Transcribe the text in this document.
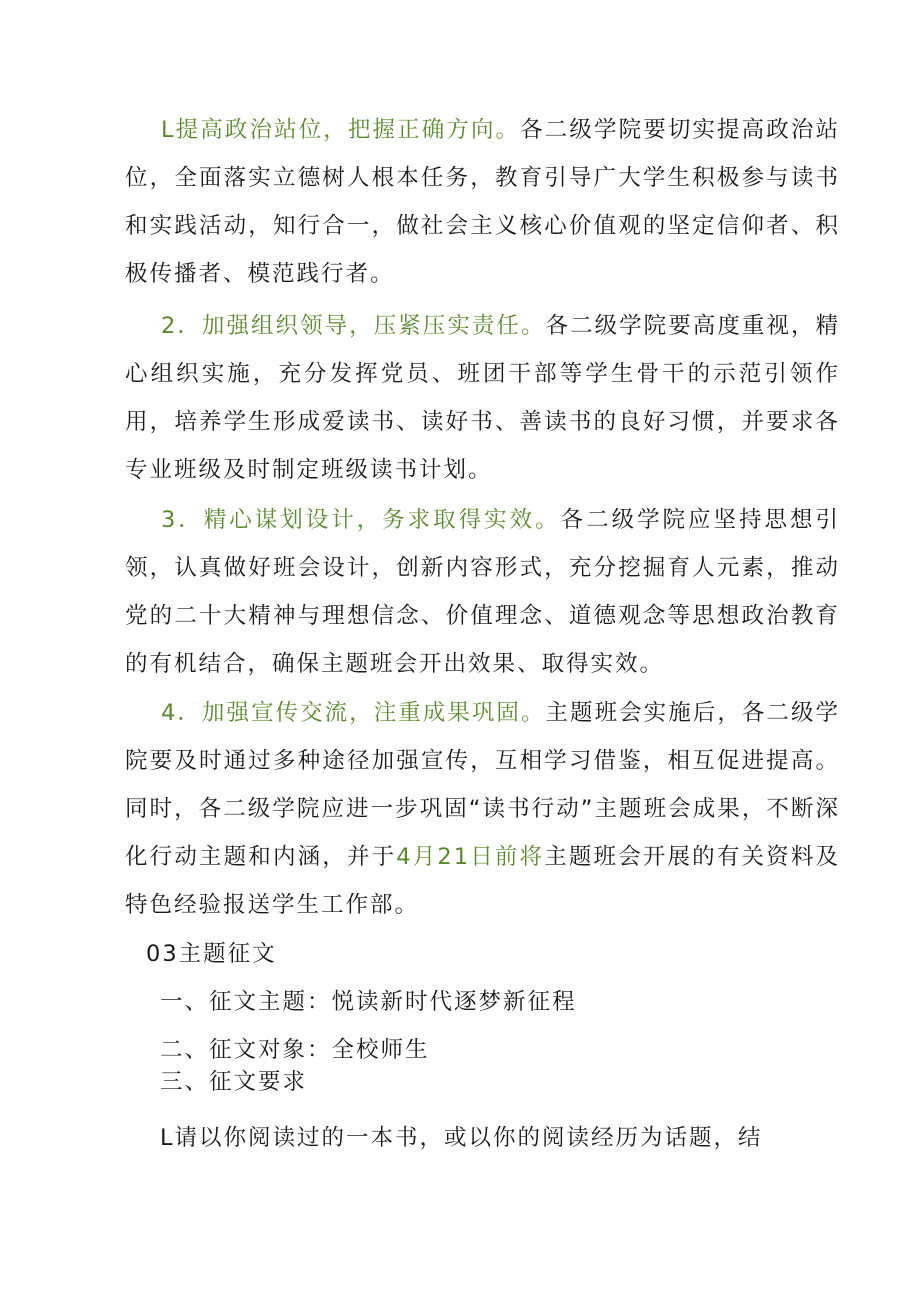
L提高政治站位，把握正确方向。各二级学院要切实提高政治站位，全面落实立德树人根本任务，教育引导广大学生积极参与读书和实践活动，知行合一，做社会主义核心价值观的坚定信仰者、积极传播者、模范践行者。

2．加强组织领导，压紧压实责任。各二级学院要高度重视，精心组织实施，充分发挥党员、班团干部等学生骨干的示范引领作用，培养学生形成爱读书、读好书、善读书的良好习惯，并要求各专业班级及时制定班级读书计划。

3．精心谋划设计，务求取得实效。各二级学院应坚持思想引领，认真做好班会设计，创新内容形式，充分挖掘育人元素，推动党的二十大精神与理想信念、价值理念、道德观念等思想政治教育的有机结合，确保主题班会开出效果、取得实效。

4．加强宣传交流，注重成果巩固。主题班会实施后，各二级学院要及时通过多种途径加强宣传，互相学习借鉴，相互促进提高。同时，各二级学院应进一步巩固“读书行动”主题班会成果，不断深化行动主题和内涵，并于4月21日前将主题班会开展的有关资料及特色经验报送学生工作部。

03主题征文

一、征文主题：悦读新时代逐梦新征程

二、征文对象：全校师生

三、征文要求

L请以你阅读过的一本书，或以你的阅读经历为话题，结
